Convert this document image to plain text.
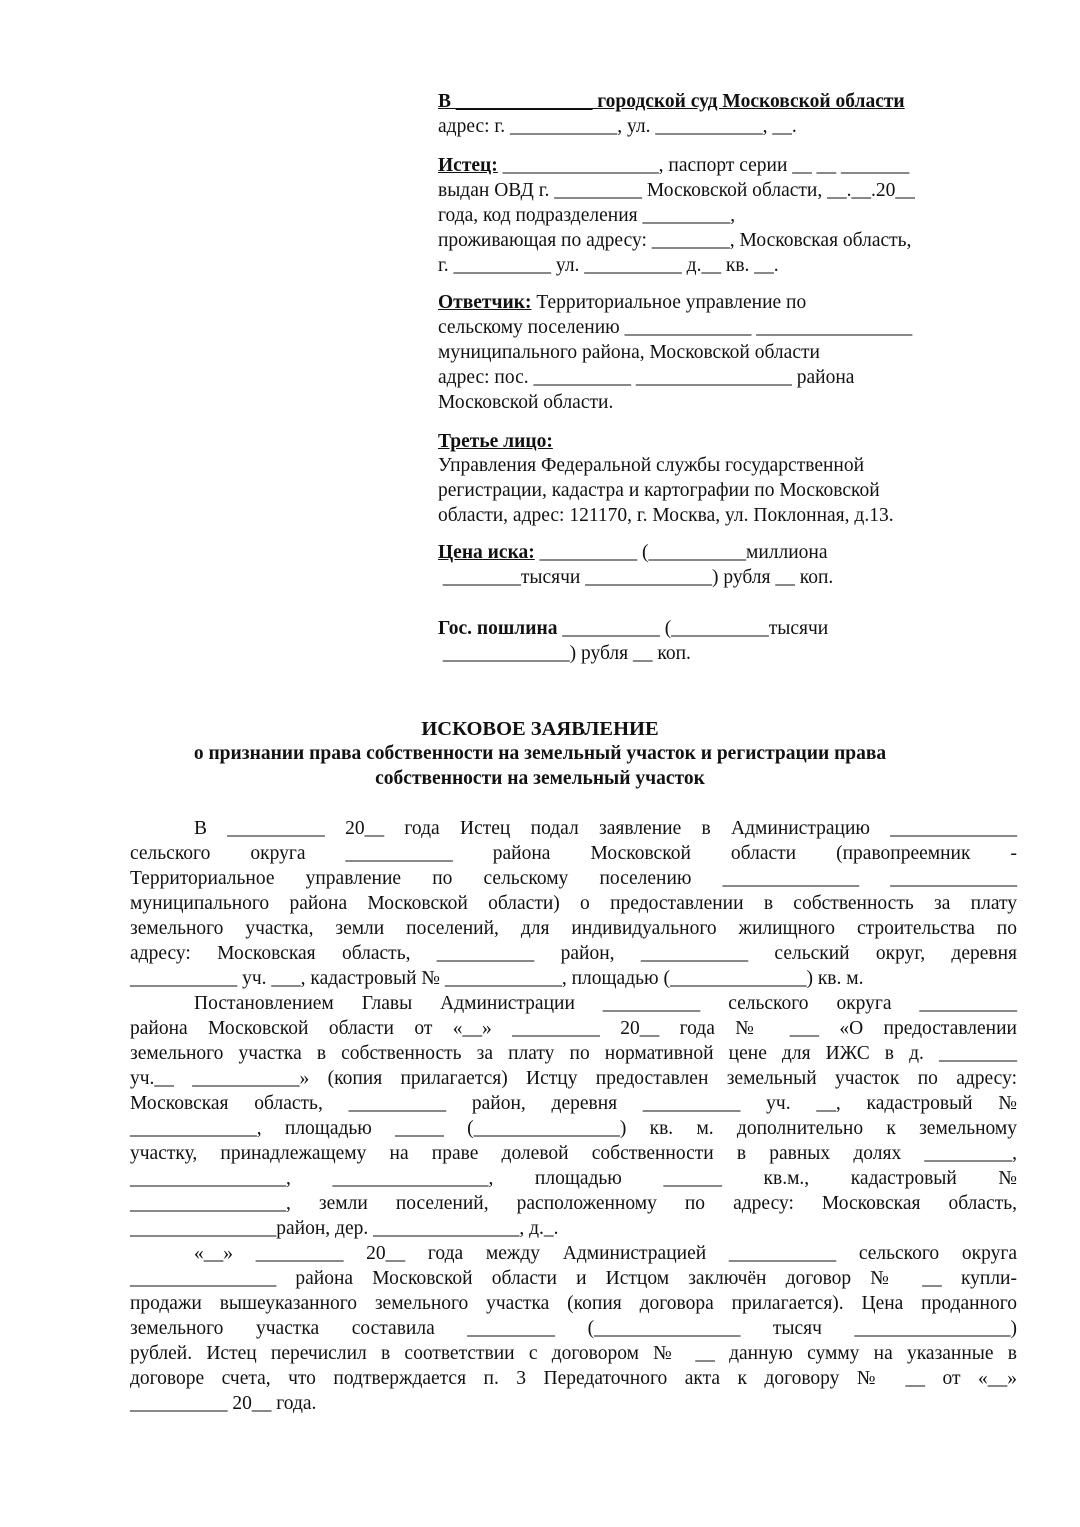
В ______________ городской суд Московской области
адрес: г. ___________, ул. ___________, __.
Истец: ________________, паспорт серии __ __ _______
выдан ОВД г. _________ Московской области, __.__.20__
года, код подразделения _________,
проживающая по адресу: ________, Московская область,
г. __________ ул. __________ д.__ кв. __.
Ответчик: Территориальное управление по
сельскому поселению _____________ ________________
муниципального района, Московской области
адрес: пос. __________ ________________ района
Московской области.
Третье лицо:
Управления Федеральной службы государственной
регистрации, кадастра и картографии по Московской
области, адрес: 121170, г. Москва, ул. Поклонная, д.13.
Цена иска: __________ (__________миллиона
________тысячи _____________) рубля __ коп.
Гос. пошлина __________ (__________тысячи
_____________) рубля __ коп.
ИСКОВОЕ ЗАЯВЛЕНИЕ
о признании права собственности на земельный участок и регистрации права
собственности на земельный участок
В __________ 20__ года Истец подал заявление в Администрацию _____________
сельского округа ___________ района Московской области (правопреемник -
Территориальное управление по сельскому поселению ______________ _____________
муниципального района Московской области) о предоставлении в собственность за плату
земельного участка, земли поселений, для индивидуального жилищного строительства по
адресу: Московская область, __________ район, ___________ сельский округ, деревня
___________ уч. ___, кадастровый № ____________, площадью (______________) кв. м.
Постановлением Главы Администрации __________ сельского округа __________
района Московской области от «__» _________ 20__ года № ___ «О предоставлении
земельного участка в собственность за плату по нормативной цене для ИЖС в д. ________
уч.__ ___________» (копия прилагается) Истцу предоставлен земельный участок по адресу:
Московская область, __________ район, деревня __________ уч. __, кадастровый №
_____________, площадью _____ (_______________) кв. м. дополнительно к земельному
участку, принадлежащему на праве долевой собственности в равных долях _________,
________________, ________________, площадью ______ кв.м., кадастровый №
________________, земли поселений, расположенному по адресу: Московская область,
_______________район, дер. _______________, д._.
«__» _________ 20__ года между Администрацией ___________ сельского округа
_______________ района Московской области и Истцом заключён договор № __ купли-
продажи вышеуказанного земельного участка (копия договора прилагается). Цена проданного
земельного участка составила _________ (_______________ тысяч ________________)
рублей. Истец перечислил в соответствии с договором № __ данную сумму на указанные в
договоре счета, что подтверждается п. 3 Передаточного акта к договору № __ от «__»
__________ 20__ года.
